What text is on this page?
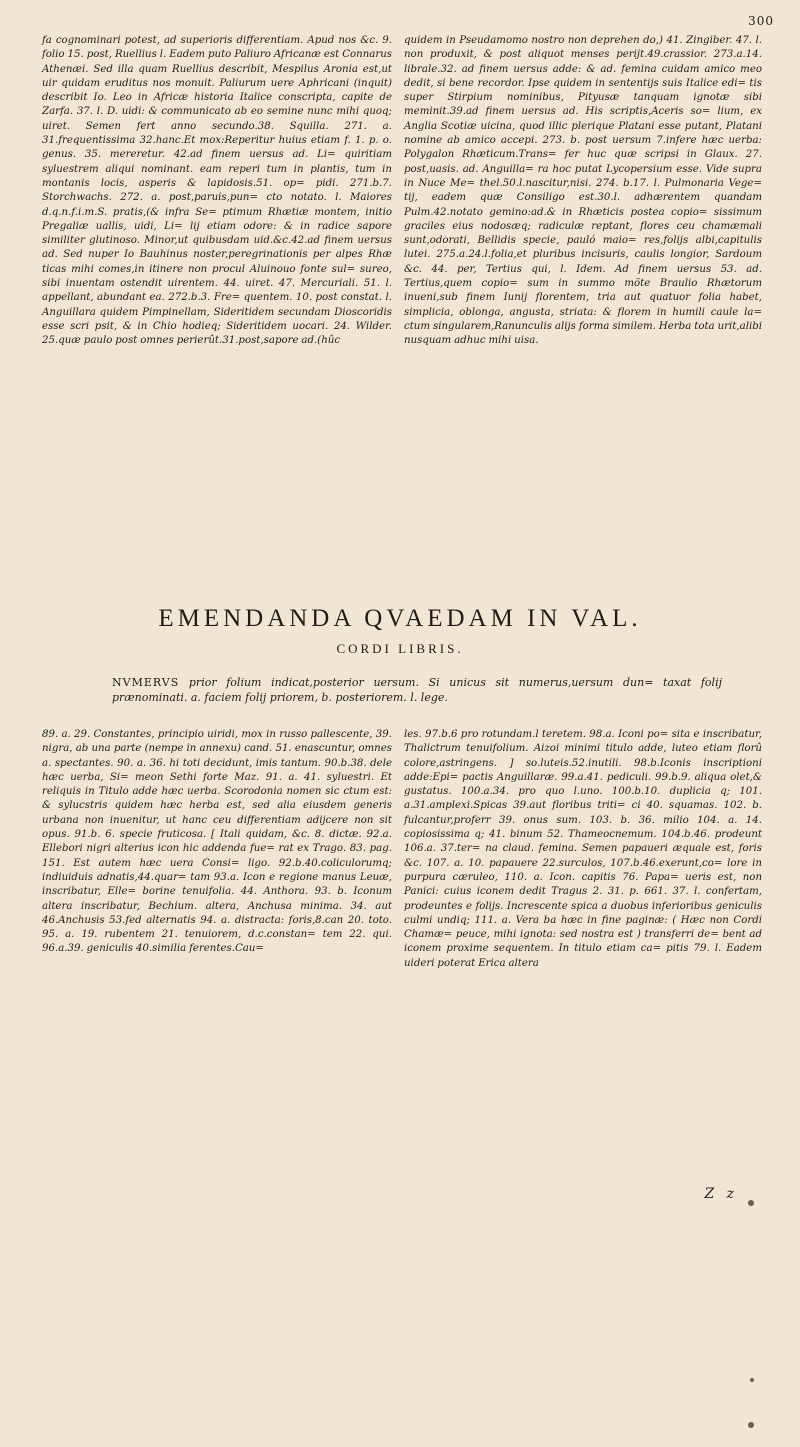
300
fa cognominari potest, ad superioris differentiam. Apud nos &c. 9. folio 15. post, Ruellius l. Eadem puto Paliuro Africanæ est Connarus Athenæi. Sed illa quam Ruellius describit, Mespilus Aronia est,ut uir quidam eruditus nos monuit. Paliurum uere Aphricani (inquit) describit Io. Leo in Africæ historia Italice conscripta, capite de Zarfa. 37. l. D. uidi: & communicato ab eo semine nunc mihi quoq; uiret. Semen fert anno secundo.38. Squilla. 271. a. 31.frequentissima 32.hanc.Et mox:Reperitur huius etiam f. 1. p. o. genus. 35. mereretur. 42.ad finem uersus ad. Li= quiritiam syluestrem aliqui nominant. eam reperi tum in plantis, tum in montanis locis, asperis & lapidosis.51. op= pidi. 271.b.7. Storchwachs. 272. a. post,paruis,pun= cto notato. l. Maiores d.q.n.f.i.m.S. pratis,(& infra Se= ptimum Rhætiæ montem, initio Pregaliæ uallis, uidi, Li= lij etiam odore: & in radice sapore similiter glutinoso. Minor,ut quibusdam uid.&c.42.ad finem uersus ad. Sed nuper Io Bauhinus noster,peregrinationis per alpes Rhæ ticas mihi comes,in itinere non procul Aluinouo fonte sul= sureo, sibi inuentam ostendit uirentem. 44. uiret. 47. Mercuriali. 51. l. appellant, abundant ea. 272.b.3. Fre= quentem. 10. post constat. l. Anguillara quidem Pimpinellam, Sideritidem secundam Dioscoridis esse scri psit, & in Chio hodieq; Sideritidem uocari. 24. Wilder. 25.quæ paulo post omnes perierût.31.post,sapore ad.(hûc
quidem in Pseudamomo nostro non deprehen do,) 41. Zingiber. 47. l. non produxit, & post aliquot menses perijt.49.crassior. 273.a.14. librale.32. ad finem uersus adde: & ad. femina cuidam amico meo dedit, si bene recordor. Ipse quidem in sententijs suis Italice edi= tis super Stirpium nominibus, Pityusæ tanquam ignotæ sibi meminit.39.ad finem uersus ad. His scriptis,Aceris so= lium, ex Anglia Scotiæ uicina, quod illic plerique Platani esse putant, Platani nomine ab amico accepi. 273. b. post uersum 7.infere hæc uerba: Polygalon Rhæticum.Trans= fer huc quæ scripsi in Glaux. 27. post,uasis. ad. Anguilla= ra hoc putat Lycopersium esse. Vide supra in Nuce Me= thel.50.l.nascitur,nisi. 274. b.17. l. Pulmonaria Vege= tij, eadem quæ Consiligo est.30.l. adhærentem quandam Pulm.42.notato gemino:ad.& in Rhæticis postea copio= sissimum graciles eius nodosæq; radiculæ reptant, flores ceu chamæmali sunt,odorati, Bellidis specie, pauló maio= res,folijs albi,capitulis lutei. 275.a.24.l.folia,et pluribus incisuris, caulis longior, Sardoum &c. 44. per, Tertius qui, l. Idem. Ad finem uersus 53. ad. Tertius,quem copio= sum in summo mõte Braulio Rhætorum inueni,sub finem Iunij florentem, tria aut quatuor folia habet, simplicia, oblonga, angusta, striata: & florem in humili caule la= ctum singularem,Ranunculis alijs forma similem. Herba tota urit,alibi nusquam adhuc mihi uisa.
EMENDANDA QVAEDAM IN VAL.
CORDI LIBRIS.
NVMERVS prior folium indicat,posterior uersum. Si unicus sit numerus,uersum dun= taxat folij prænominati. a. faciem folij priorem, b. posteriorem. l. lege.
89. a. 29. Constantes, principio uiridi, mox in russo pallescente, 39. nigra, ab una parte (nempe in annexu) cand. 51. enascuntur, omnes a. spectantes. 90. a. 36. hi toti decidunt, imis tantum. 90.b.38. dele hæc uerba, Si= meon Sethi forte Maz. 91. a. 41. syluestri. Et reliquis in Titulo adde hæc uerba. Scorodonia nomen sic ctum est: & sylucstris quidem hæc herba est, sed alia eiusdem generis urbana non inuenitur, ut hanc ceu differentiam adijcere non sit opus. 91.b. 6. specie fruticosa. [ Itali quidam, &c. 8. dictæ. 92.a. Ellebori nigri alterius icon hic addenda fue= rat ex Trago. 83. pag. 151. Est autem hæc uera Consi= ligo. 92.b.40.coliculorumq; indiuiduis adnatis,44.quar= tam 93.a. Icon e regione manus Leuæ, inscribatur, Elle= borine tenuifolia. 44. Anthora. 93. b. Iconum altera inscribatur, Bechium. altera, Anchusa minima. 34. aut 46.Anchusis 53.fed alternatis 94. a. distracta: foris,8.can 20. toto. 95. a. 19. rubentem 21. tenuiorem, d.c.constan= tem 22. qui. 96.a.39. geniculis 40.similia ferentes.Cau=
les. 97.b.6 pro rotundam.l teretem. 98.a. Iconi po= sita e inscribatur, Thalictrum tenuifolium. Aizoi minimi titulo adde, luteo etiam florû colore,astringens. ] so.luteis.52.inutili. 98.b.Iconis inscriptioni adde:Epi= pactis Anguillaræ. 99.a.41. pediculi. 99.b.9. aliqua olet,& gustatus. 100.a.34. pro quo l.uno. 100.b.10. duplicia q; 101. a.31.amplexi.Spicas 39.aut floribus triti= ci 40. squamas. 102. b. fulcantur,proferr 39. onus sum. 103. b. 36. milio 104. a. 14. copiosissima q; 41. binum 52. Thameocnemum. 104.b.46. prodeunt 106.a. 37.ter= na claud. femina. Semen papaueri æquale est, foris &c. 107. a. 10. papauere 22.surculos, 107.b.46.exerunt,co= lore in purpura cæruleo, 110. a. Icon. capitis 76. Papa= ueris est, non Panici: cuius iconem dedit Tragus 2. 31. p. 661. 37. l. confertam, prodeuntes e folijs. Increscente spica a duobus inferioribus geniculis culmi undiq; 111. a. Vera ba hæc in fine paginæ: ( Hæc non Cordi Chamæ= peuce, mihi ignota: sed nostra est ) transferri de= bent ad iconem proxime sequentem. In titulo etiam ca= pitis 79. l. Eadem uideri poterat Erica altera
Z z
